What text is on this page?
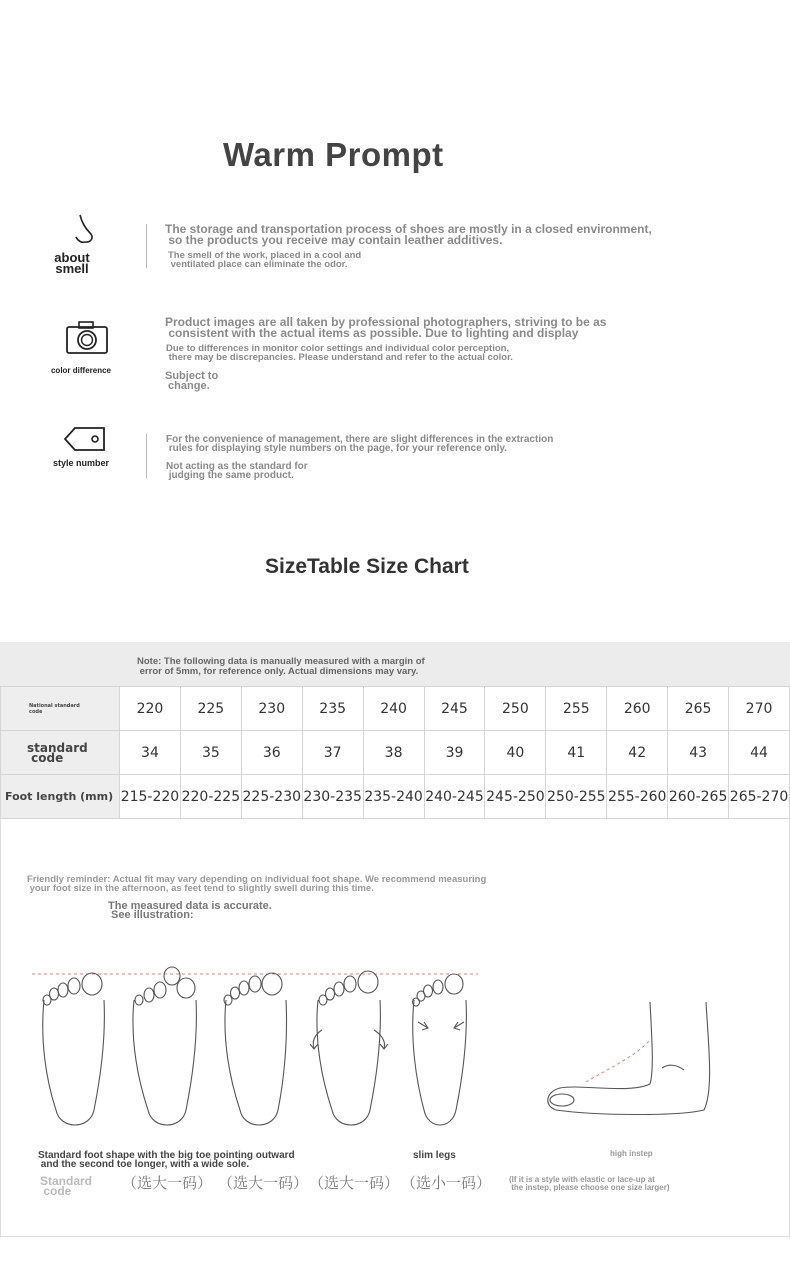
Warm Prompt
about
smell
The storage and transportation process of shoes are mostly in a closed environment,
so the products you receive may contain leather additives.
The smell of the work, placed in a cool and
ventilated place can eliminate the odor.
color difference
Product images are all taken by professional photographers, striving to be as
consistent with the actual items as possible. Due to lighting and display
Due to differences in monitor color settings and individual color perception,
there may be discrepancies. Please understand and refer to the actual color.
Subject to
change.
style number
For the convenience of management, there are slight differences in the extraction
rules for displaying style numbers on the page, for your reference only.
Not acting as the standard for
judging the same product.
SizeTable Size Chart
Note: The following data is manually measured with a margin of
error of 5mm, for reference only. Actual dimensions may vary.
National standard
code	220	225	230	235	240	245	250	255	260	265	270
standard
code	34	35	36	37	38	39	40	41	42	43	44
Foot length (mm)	215-220	220-225	225-230	230-235	235-240	240-245	245-250	250-255	255-260	260-265	265-270
Friendly reminder: Actual fit may vary depending on individual foot shape. We recommend measuring
your foot size in the afternoon, as feet tend to slightly swell during this time.
The measured data is accurate.
See illustration:
Standard foot shape with the big toe pointing outward
and the second toe longer, with a wide sole.
slim legs	high instep
Standard
code	（选大一码） （选大一码） （选大一码） （选小一码） (If it is a style with elastic or lace-up at
the instep, please choose one size larger)
